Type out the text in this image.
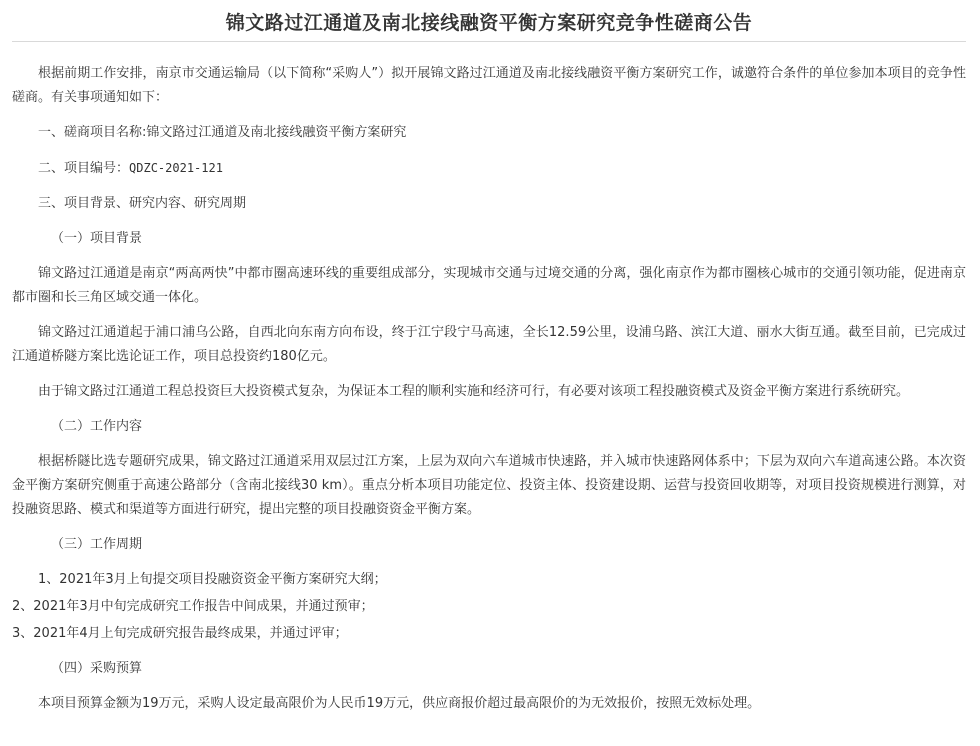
锦文路过江通道及南北接线融资平衡方案研究竞争性磋商公告

根据前期工作安排，南京市交通运输局（以下简称“采购人”）拟开展锦文路过江通道及南北接线融资平衡方案研究工作，诚邀符合条件的单位参加本项目的竞争性磋商。有关事项通知如下：

一、磋商项目名称:锦文路过江通道及南北接线融资平衡方案研究

二、项目编号：QDZC-2021-121

三、项目背景、研究内容、研究周期

（一）项目背景

锦文路过江通道是南京“两高两快”中都市圈高速环线的重要组成部分，实现城市交通与过境交通的分离，强化南京作为都市圈核心城市的交通引领功能，促进南京都市圈和长三角区域交通一体化。

锦文路过江通道起于浦口浦乌公路，自西北向东南方向布设，终于江宁段宁马高速，全长12.59公里，设浦乌路、滨江大道、丽水大街互通。截至目前，已完成过江通道桥隧方案比选论证工作，项目总投资约180亿元。

由于锦文路过江通道工程总投资巨大投资模式复杂，为保证本工程的顺利实施和经济可行，有必要对该项工程投融资模式及资金平衡方案进行系统研究。

（二）工作内容

根据桥隧比选专题研究成果，锦文路过江通道采用双层过江方案，上层为双向六车道城市快速路，并入城市快速路网体系中；下层为双向六车道高速公路。本次资金平衡方案研究侧重于高速公路部分（含南北接线30 km）。重点分析本项目功能定位、投资主体、投资建设期、运营与投资回收期等，对项目投资规模进行测算，对投融资思路、模式和渠道等方面进行研究，提出完整的项目投融资资金平衡方案。

（三）工作周期

1、2021年3月上旬提交项目投融资资金平衡方案研究大纲；

2、2021年3月中旬完成研究工作报告中间成果，并通过预审；

3、2021年4月上旬完成研究报告最终成果，并通过评审；

（四）采购预算

本项目预算金额为19万元，采购人设定最高限价为人民币19万元，供应商报价超过最高限价的为无效报价，按照无效标处理。
